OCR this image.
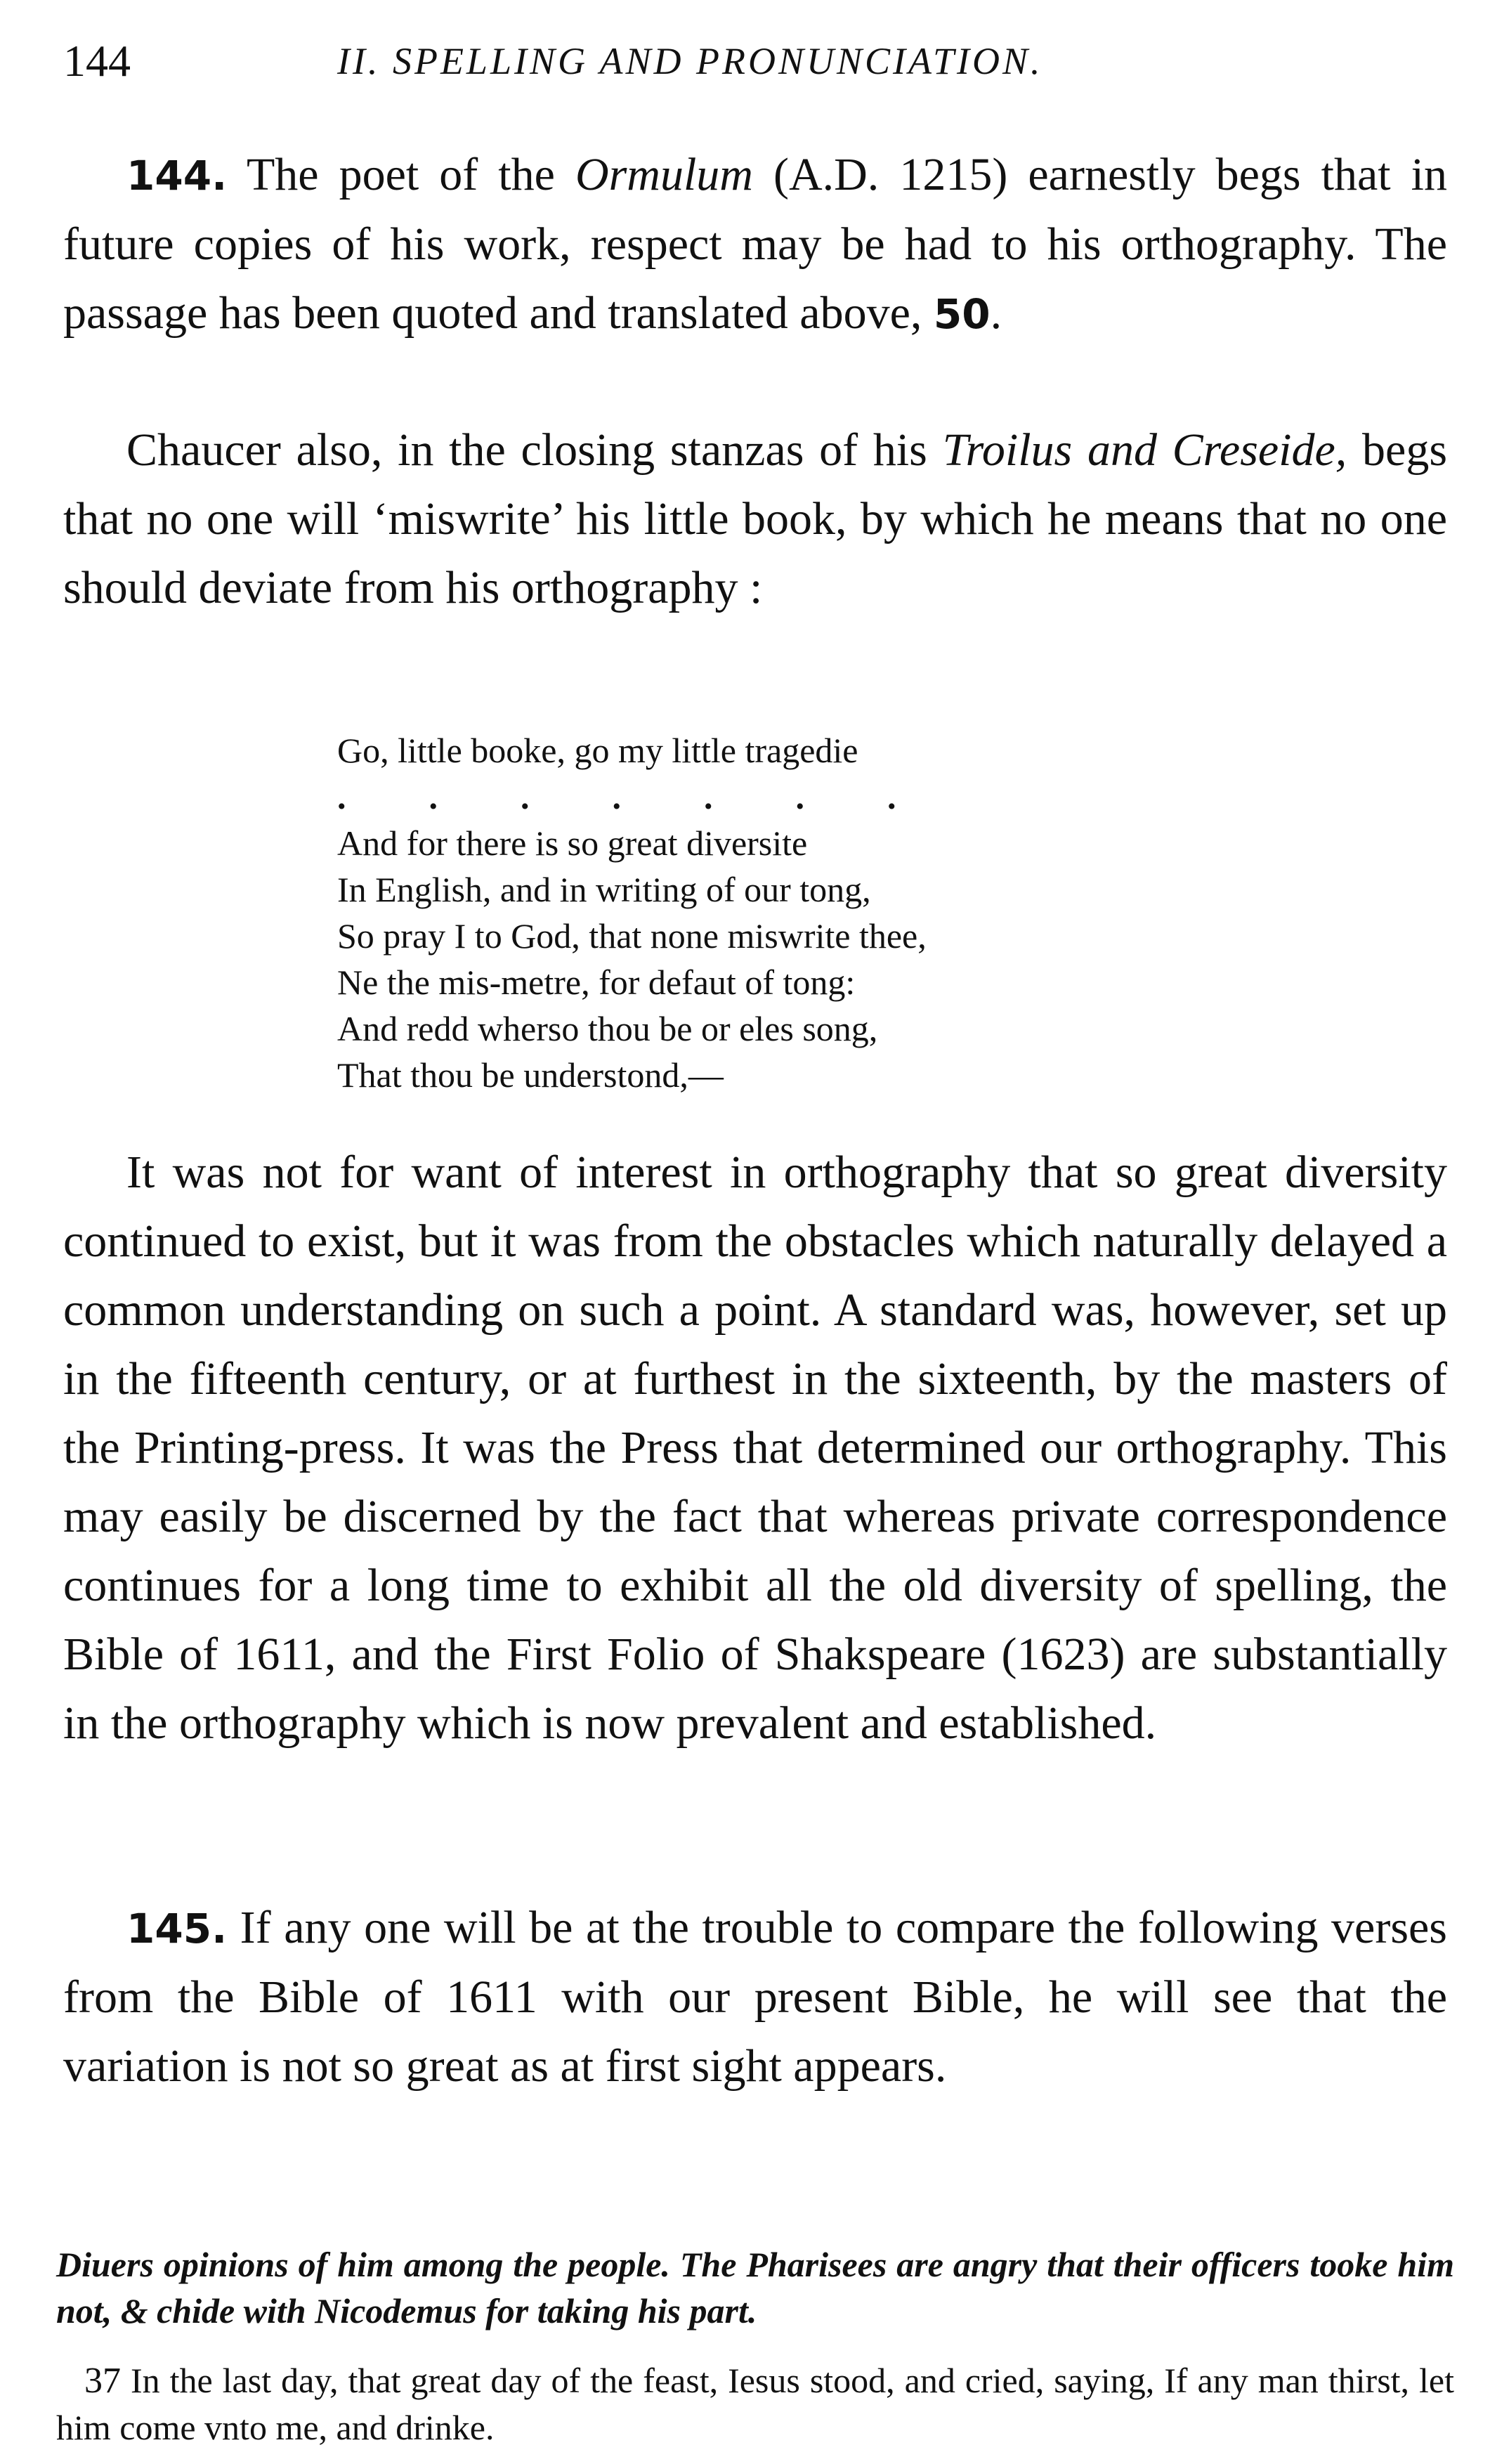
144	II. SPELLING AND PRONUNCIATION.

144. The poet of the Ormulum (A.D. 1215) earnestly begs that in future copies of his work, respect may be had to his orthography. The passage has been quoted and translated above, 50.

Chaucer also, in the closing stanzas of his Troilus and Creseide, begs that no one will ‘miswrite’ his little book, by which he means that no one should deviate from his orthography :

Go, little booke, go my little tragedie
.        .        .        .        .        .        .
And for there is so great diversite
In English, and in writing of our tong,
So pray I to God, that none miswrite thee,
Ne the mis-metre, for defaut of tong:
And redd wherso thou be or eles song,
That thou be understond,—

It was not for want of interest in orthography that so great diversity continued to exist, but it was from the obstacles which naturally delayed a common understanding on such a point. A standard was, however, set up in the fifteenth century, or at furthest in the sixteenth, by the masters of the Printing-press. It was the Press that determined our orthography. This may easily be discerned by the fact that whereas private correspondence continues for a long time to exhibit all the old diversity of spelling, the Bible of 1611, and the First Folio of Shakspeare (1623) are substantially in the orthography which is now prevalent and established.

145. If any one will be at the trouble to compare the following verses from the Bible of 1611 with our present Bible, he will see that the variation is not so great as at first sight appears.

Diuers opinions of him among the people. The Pharisees are angry that their officers tooke him not, & chide with Nicodemus for taking his part.

37 In the last day, that great day of the feast, Iesus stood, and cried, saying, If any man thirst, let him come vnto me, and drinke.
